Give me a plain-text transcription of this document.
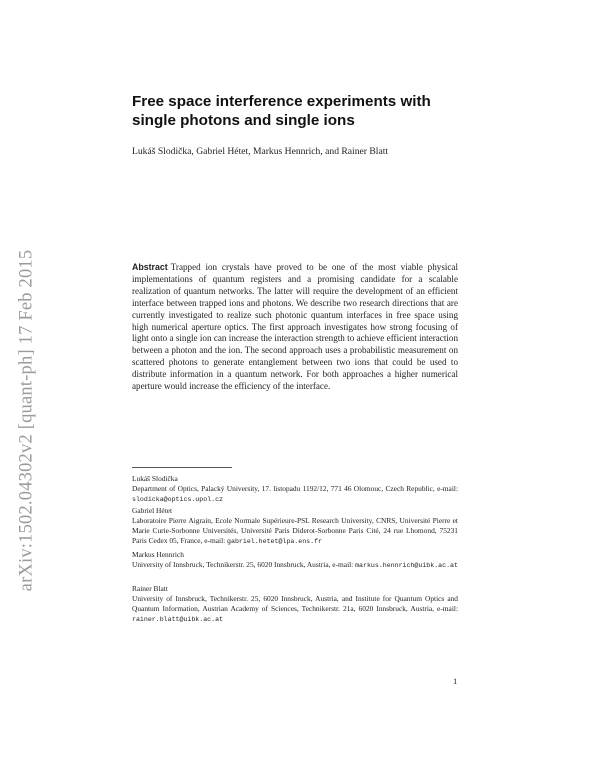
arXiv:1502.04302v2 [quant-ph] 17 Feb 2015
Free space interference experiments with single photons and single ions
Lukáš Slodička, Gabriel Hétet, Markus Hennrich, and Rainer Blatt

Abstract Trapped ion crystals have proved to be one of the most viable physical implementations of quantum registers and a promising candidate for a scalable realization of quantum networks. The latter will require the development of an efficient interface between trapped ions and photons. We describe two research directions that are currently investigated to realize such photonic quantum interfaces in free space using high numerical aperture optics. The first approach investigates how strong focusing of light onto a single ion can increase the interaction strength to achieve efficient interaction between a photon and the ion. The second approach uses a probabilistic measurement on scattered photons to generate entanglement between two ions that could be used to distribute information in a quantum network. For both approaches a higher numerical aperture would increase the efficiency of the interface.

Lukáš Slodička
Department of Optics, Palacký University, 17. listopadu 1192/12, 771 46 Olomouc, Czech Republic, e-mail: slodicka@optics.upol.cz
Gabriel Hétet
Laboratoire Pierre Aigrain, Ecole Normale Supérieure-PSL Research University, CNRS, Université Pierre et Marie Curie-Sorbonne Universités, Université Paris Diderot-Sorbonne Paris Cité, 24 rue Lhomond, 75231 Paris Cedex 05, France, e-mail: gabriel.hetet@lpa.ens.fr
Markus Hennrich
University of Innsbruck, Technikerstr. 25, 6020 Innsbruck, Austria, e-mail: markus.hennrich@uibk.ac.at
Rainer Blatt
University of Innsbruck, Technikerstr. 25, 6020 Innsbruck, Austria, and Institute for Quantum Optics and Quantum Information, Austrian Academy of Sciences, Technikerstr. 21a, 6020 Innsbruck, Austria, e-mail: rainer.blatt@uibk.ac.at
1
